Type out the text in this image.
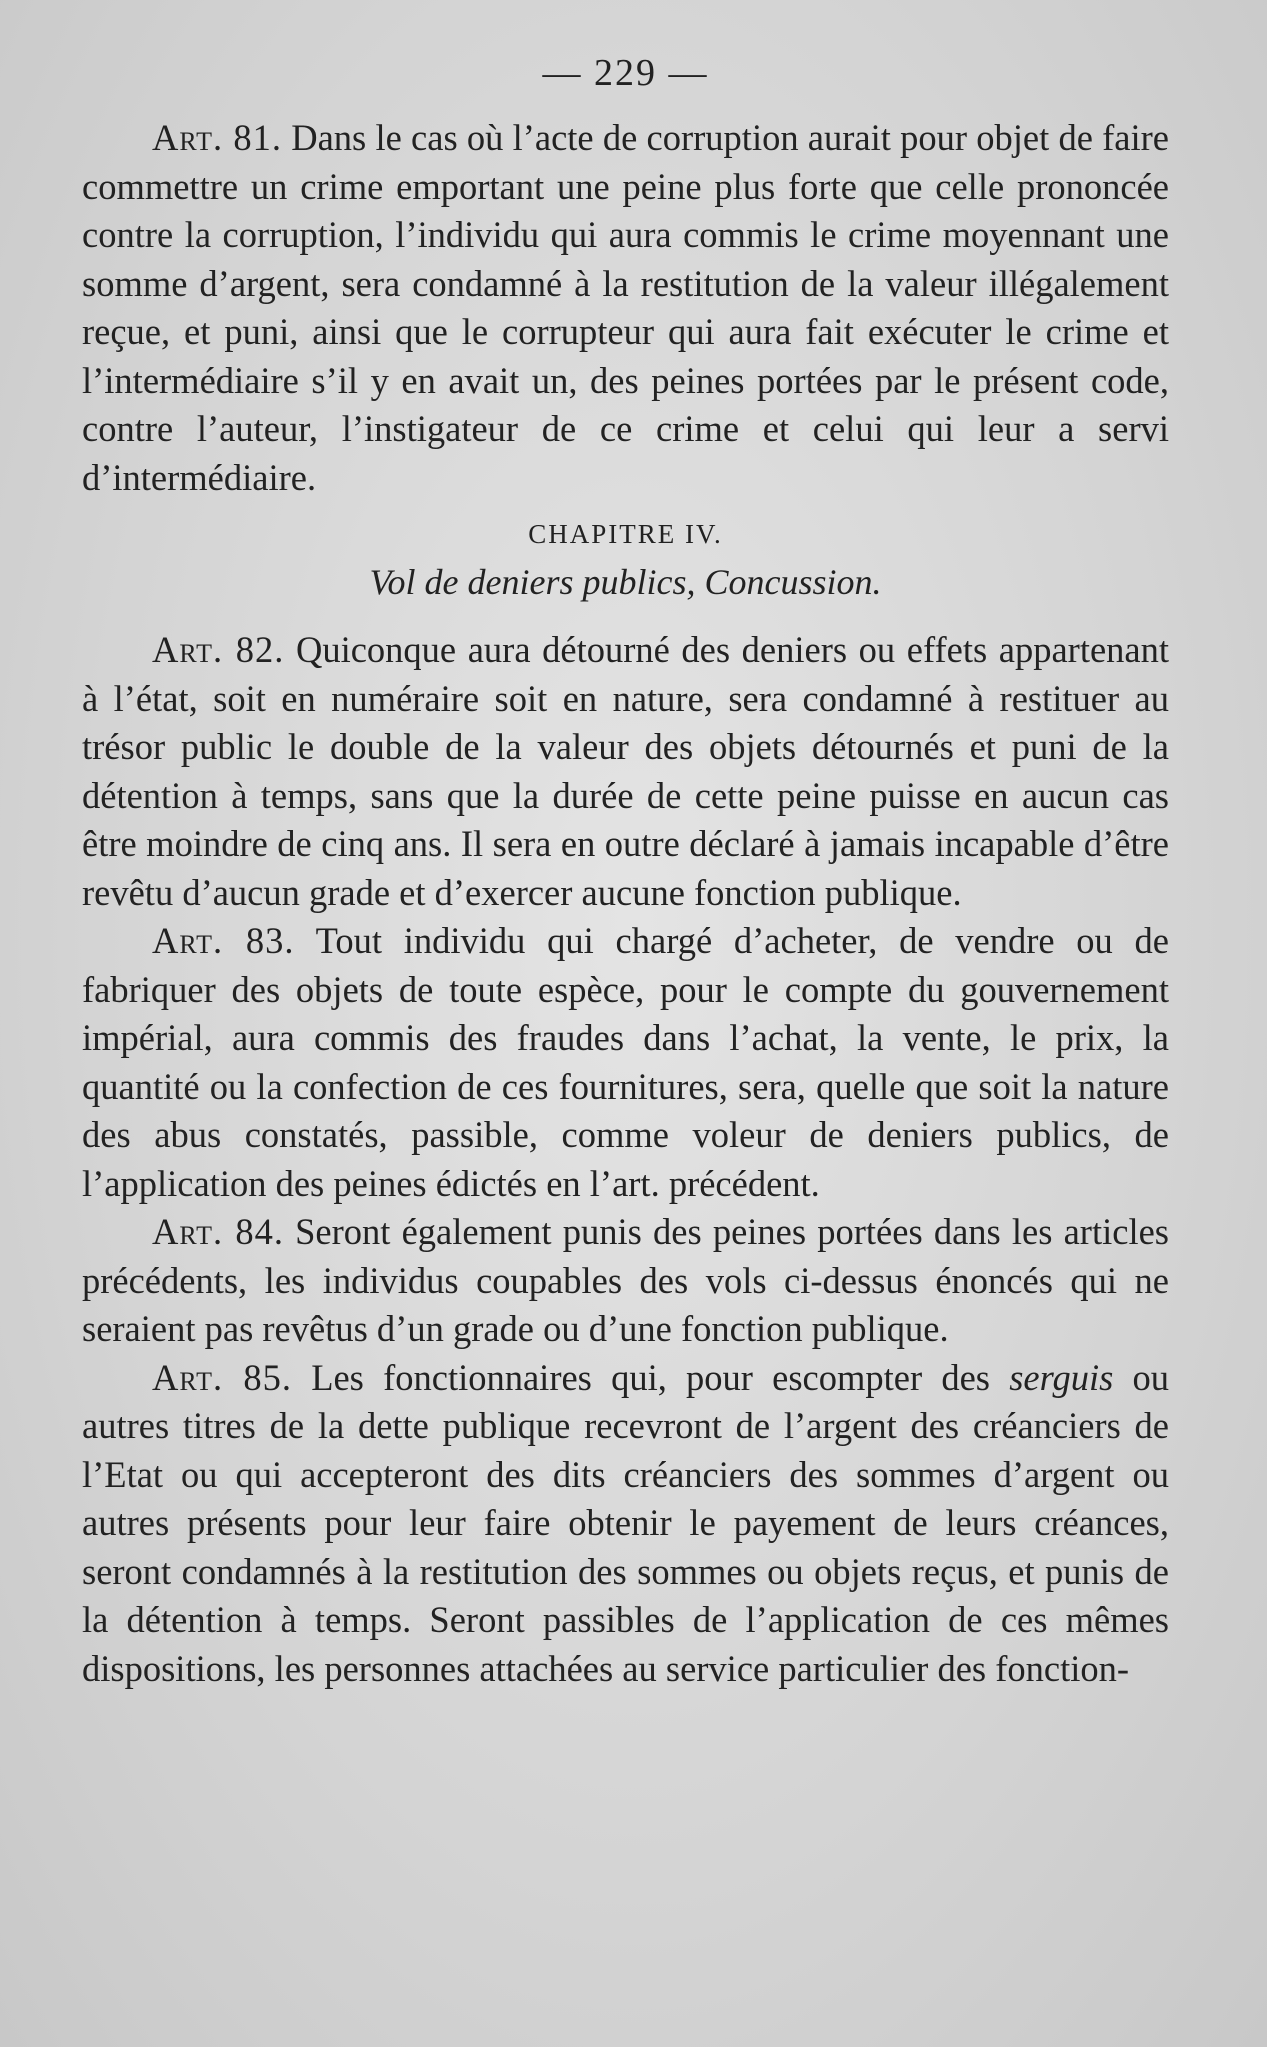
— 229 —

Art. 81. Dans le cas où l’acte de corruption aurait pour objet de faire commettre un crime emportant une peine plus forte que celle prononcée contre la corruption, l’individu qui aura commis le crime moyennant une somme d’argent, sera condamné à la restitution de la valeur illégalement reçue, et puni, ainsi que le corrupteur qui aura fait exécuter le crime et l’intermédiaire s’il y en avait un, des peines portées par le présent code, contre l’auteur, l’instigateur de ce crime et celui qui leur a servi d’intermédiaire.

CHAPITRE IV.
Vol de deniers publics, Concussion.

Art. 82. Quiconque aura détourné des deniers ou effets appartenant à l’état, soit en numéraire soit en nature, sera condamné à restituer au trésor public le double de la valeur des objets détournés et puni de la détention à temps, sans que la durée de cette peine puisse en aucun cas être moindre de cinq ans. Il sera en outre déclaré à jamais incapable d’être revêtu d’aucun grade et d’exercer aucune fonction publique.

Art. 83. Tout individu qui chargé d’acheter, de vendre ou de fabriquer des objets de toute espèce, pour le compte du gouvernement impérial, aura commis des fraudes dans l’achat, la vente, le prix, la quantité ou la confection de ces fournitures, sera, quelle que soit la nature des abus constatés, passible, comme voleur de deniers publics, de l’application des peines édictés en l’art. précédent.

Art. 84. Seront également punis des peines portées dans les articles précédents, les individus coupables des vols ci-dessus énoncés qui ne seraient pas revêtus d’un grade ou d’une fonction publique.

Art. 85. Les fonctionnaires qui, pour escompter des serguis ou autres titres de la dette publique recevront de l’argent des créanciers de l’Etat ou qui accepteront des dits créanciers des sommes d’argent ou autres présents pour leur faire obtenir le payement de leurs créances, seront condamnés à la restitution des sommes ou objets reçus, et punis de la détention à temps. Seront passibles de l’application de ces mêmes dispositions, les personnes attachées au service particulier des fonction-
